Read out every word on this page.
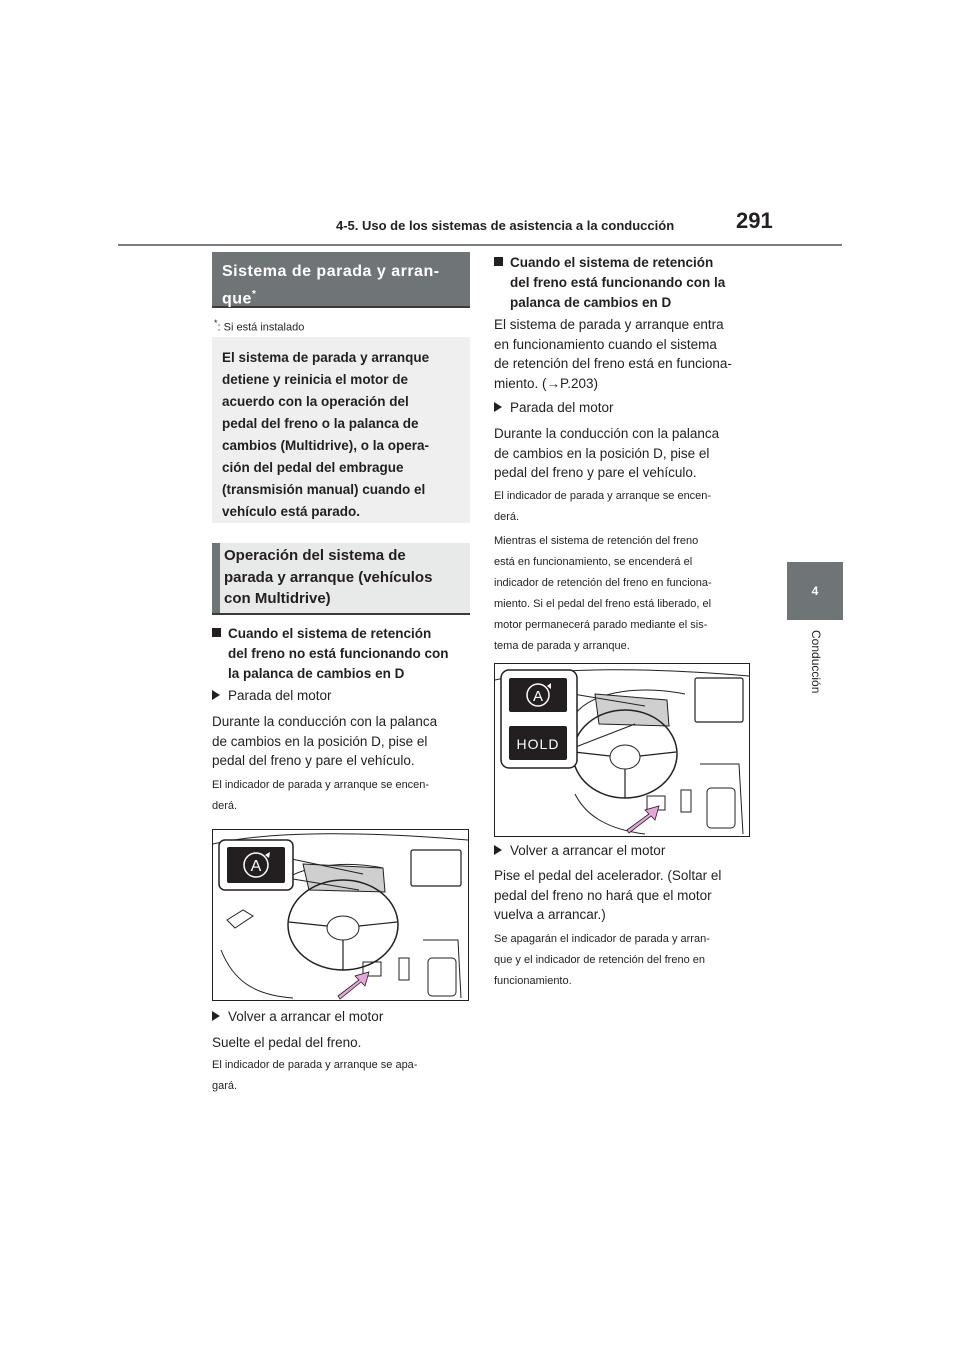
4-5. Uso de los sistemas de asistencia a la conducción	291
4
Conducción
Sistema de parada y arran-
que*
*: Si está instalado
El sistema de parada y arranque
detiene y reinicia el motor de
acuerdo con la operación del
pedal del freno o la palanca de
cambios (Multidrive), o la opera-
ción del pedal del embrague
(transmisión manual) cuando el
vehículo está parado.
Operación del sistema de
parada y arranque (vehículos
con Multidrive)
Cuando el sistema de retención
del freno no está funcionando con
la palanca de cambios en D
Parada del motor
Durante la conducción con la palanca
de cambios en la posición D, pise el
pedal del freno y pare el vehículo.
El indicador de parada y arranque se encen-
derá.
A
Volver a arrancar el motor
Suelte el pedal del freno.
El indicador de parada y arranque se apa-
gará.
Cuando el sistema de retención
del freno está funcionando con la
palanca de cambios en D
El sistema de parada y arranque entra
en funcionamiento cuando el sistema
de retención del freno está en funciona-
miento. (→P.203)
Parada del motor
Durante la conducción con la palanca
de cambios en la posición D, pise el
pedal del freno y pare el vehículo.
El indicador de parada y arranque se encen-
derá.
Mientras el sistema de retención del freno
está en funcionamiento, se encenderá el
indicador de retención del freno en funciona-
miento. Si el pedal del freno está liberado, el
motor permanecerá parado mediante el sis-
tema de parada y arranque.
A
HOLD
Volver a arrancar el motor
Pise el pedal del acelerador. (Soltar el
pedal del freno no hará que el motor
vuelva a arrancar.)
Se apagarán el indicador de parada y arran-
que y el indicador de retención del freno en
funcionamiento.
